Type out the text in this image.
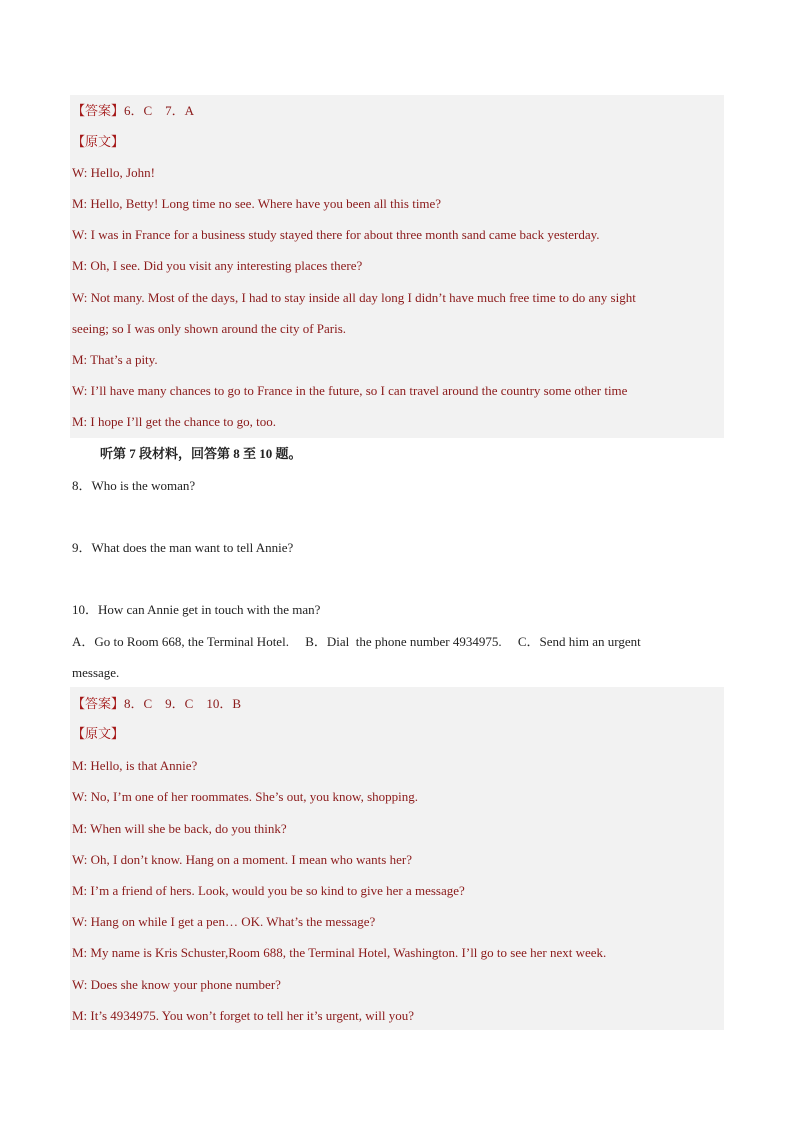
【答案】6．C　7．A
【原文】
W: Hello, John!
M: Hello, Betty! Long time no see. Where have you been all this time?
W: I was in France for a business study stayed there for about three month sand came back yesterday.
M: Oh, I see. Did you visit any interesting places there?
W: Not many. Most of the days, I had to stay inside all day long I didn’t have much free time to do any sight
seeing; so I was only shown around the city of Paris.
M: That’s a pity.
W: I’ll have many chances to go to France in the future, so I can travel around the country some other time
M: I hope I’ll get the chance to go, too.
听第 7 段材料，回答第 8 至 10 题。
8．Who is the woman?
9．What does the man want to tell Annie?
10．How can Annie get in touch with the man?
A．Go to Room 668, the Terminal Hotel.     B．Dial  the phone number 4934975.     C．Send him an urgent
message.
【答案】8．C　9．C　10．B
【原文】
M: Hello, is that Annie?
W: No, I’m one of her roommates. She’s out, you know, shopping.
M: When will she be back, do you think?
W: Oh, I don’t know. Hang on a moment. I mean who wants her?
M: I’m a friend of hers. Look, would you be so kind to give her a message?
W: Hang on while I get a pen… OK. What’s the message?
M: My name is Kris Schuster,Room 688, the Terminal Hotel, Washington. I’ll go to see her next week.
W: Does she know your phone number?
M: It’s 4934975. You won’t forget to tell her it’s urgent, will you?
